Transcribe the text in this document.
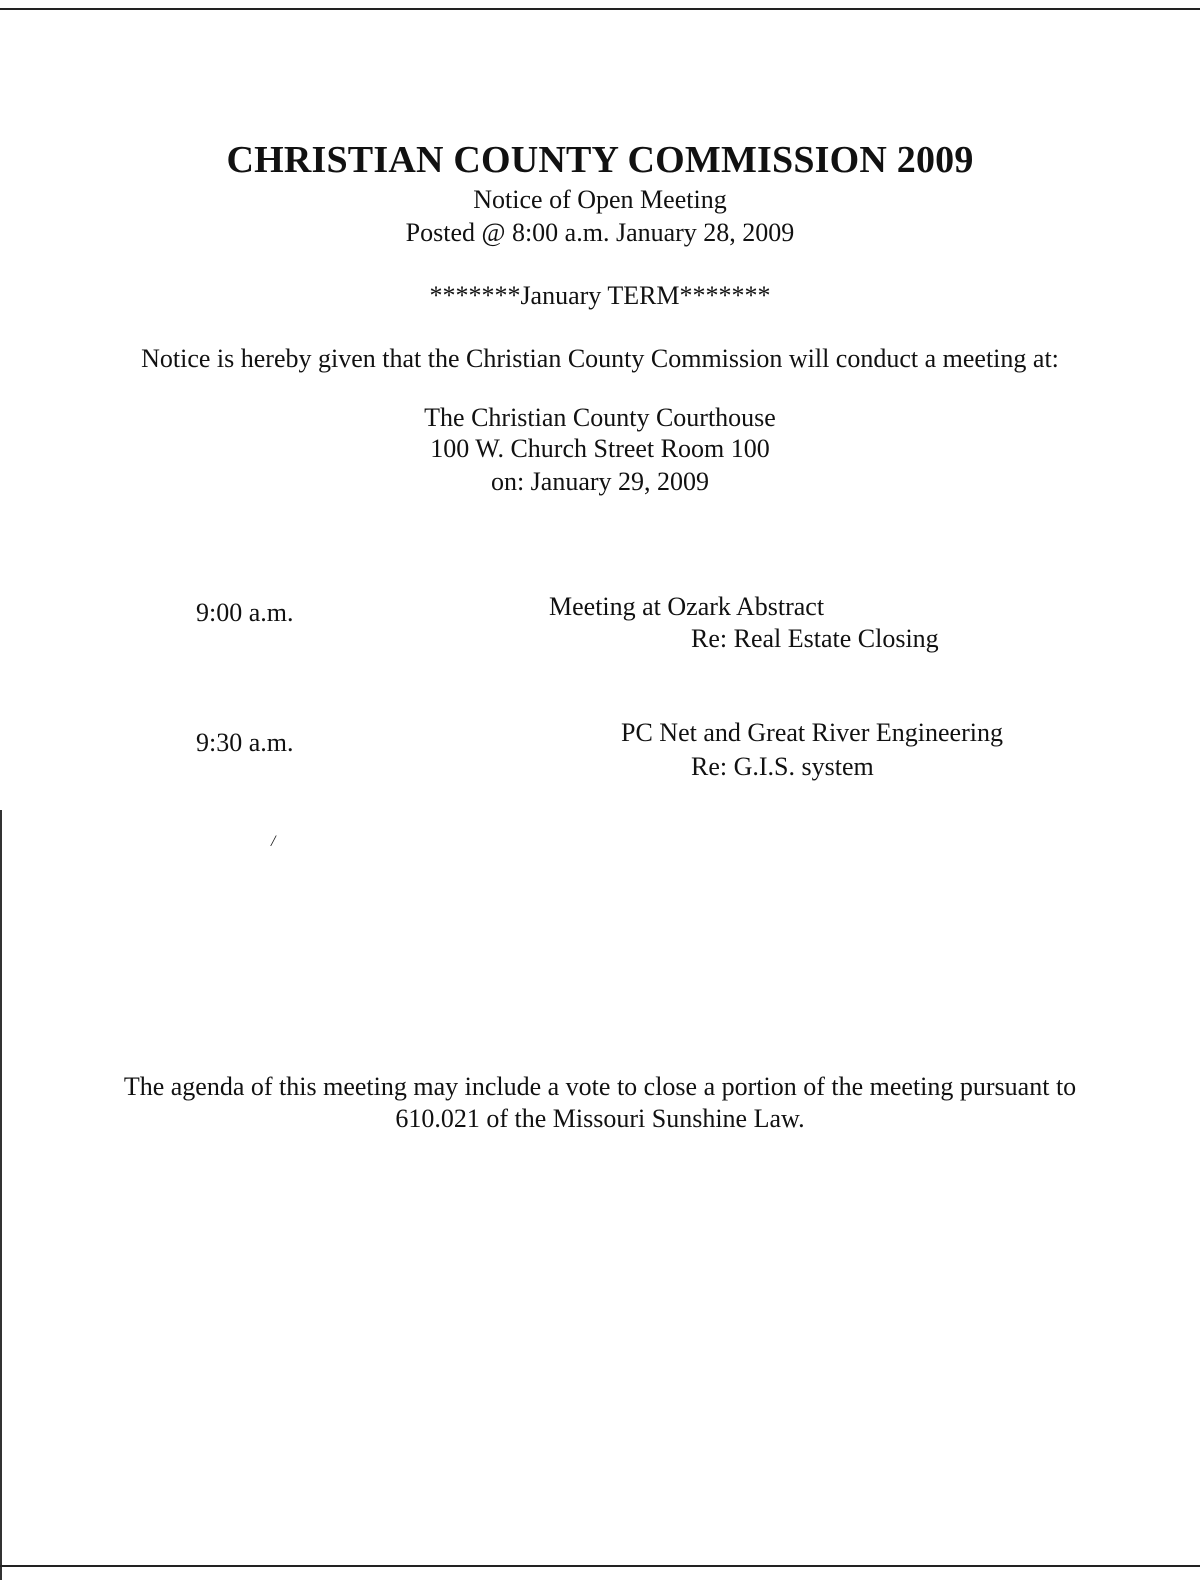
CHRISTIAN COUNTY COMMISSION 2009
Notice of Open Meeting
Posted @ 8:00 a.m. January 28, 2009
*******January TERM*******
Notice is hereby given that the Christian County Commission will conduct a meeting at:
The Christian County Courthouse
100 W. Church Street Room 100
on: January 29, 2009
9:00 a.m.	Meeting at Ozark Abstract
Re: Real Estate Closing
9:30 a.m.	PC Net and Great River Engineering
Re: G.I.S. system
/
The agenda of this meeting may include a vote to close a portion of the meeting pursuant to
610.021 of the Missouri Sunshine Law.
